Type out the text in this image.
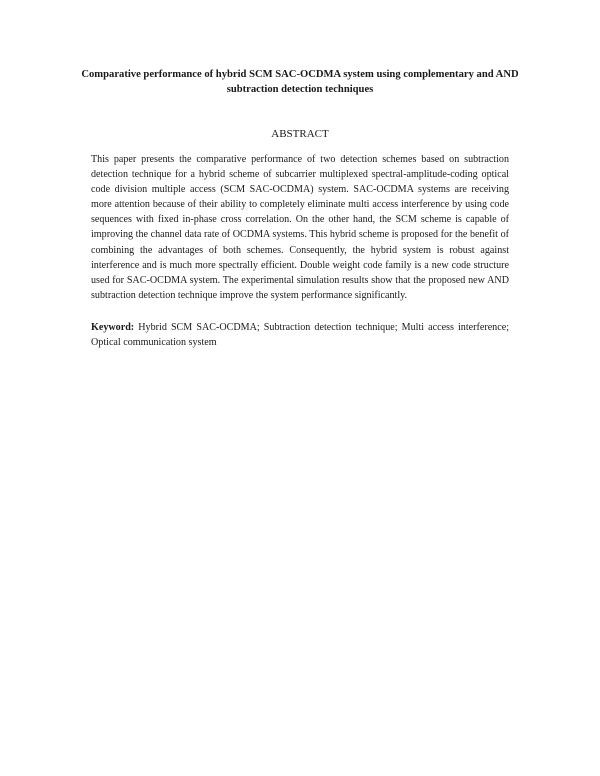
Comparative performance of hybrid SCM SAC-OCDMA system using complementary and AND subtraction detection techniques
ABSTRACT

This paper presents the comparative performance of two detection schemes based on subtraction detection technique for a hybrid scheme of subcarrier multiplexed spectral-amplitude-coding optical code division multiple access (SCM SAC-OCDMA) system. SAC-OCDMA systems are receiving more attention because of their ability to completely eliminate multi access interference by using code sequences with fixed in-phase cross correlation. On the other hand, the SCM scheme is capable of improving the channel data rate of OCDMA systems. This hybrid scheme is proposed for the benefit of combining the advantages of both schemes. Consequently, the hybrid system is robust against interference and is much more spectrally efficient. Double weight code family is a new code structure used for SAC-OCDMA system. The experimental simulation results show that the proposed new AND subtraction detection technique improve the system performance significantly.

Keyword: Hybrid SCM SAC-OCDMA; Subtraction detection technique; Multi access interference; Optical communication system
